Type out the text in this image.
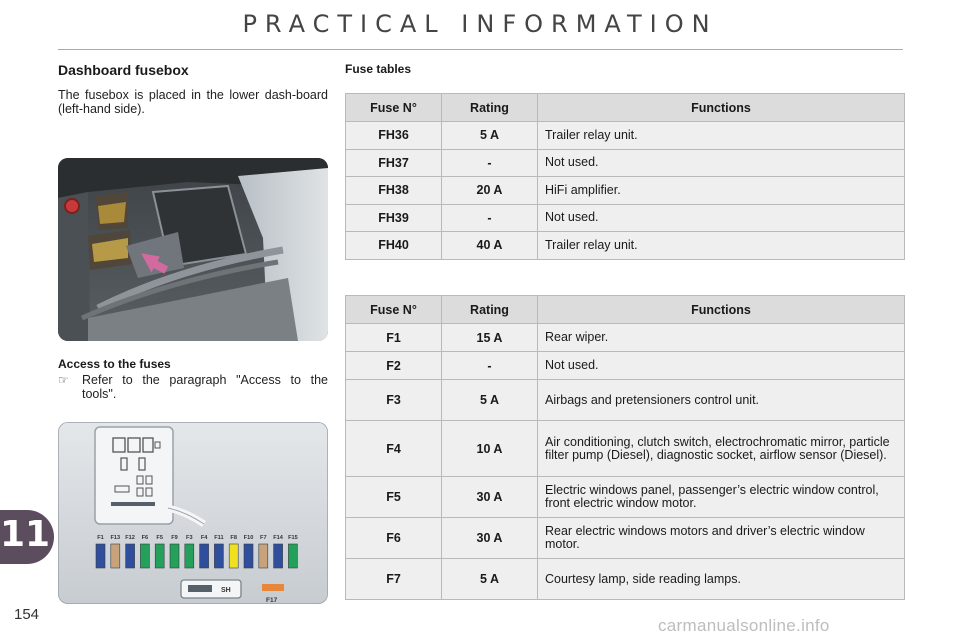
PRACTICAL INFORMATION
Dashboard fusebox
The fusebox is placed in the lower dash-board (left-hand side).
Access to the fuses
☞ Refer to the paragraph "Access to the tools".
F1 F13 F12 F6 F5 F9 F3 F4 F11 F8 F10 F7 F14 F15
SH
F17
11
154
Fuse tables
Fuse N°	Rating	Functions
FH36	5 A	Trailer relay unit.
FH37	-	Not used.
FH38	20 A	HiFi amplifier.
FH39	-	Not used.
FH40	40 A	Trailer relay unit.
Fuse N°	Rating	Functions
F1	15 A	Rear wiper.
F2	-	Not used.
F3	5 A	Airbags and pretensioners control unit.
F4	10 A	Air conditioning, clutch switch, electrochromatic mirror, particle filter pump (Diesel), diagnostic socket, airflow sensor (Diesel).
F5	30 A	Electric windows panel, passenger’s electric window control, front electric window motor.
F6	30 A	Rear electric windows motors and driver’s electric window motor.
F7	5 A	Courtesy lamp, side reading lamps.
carmanualsonline.info
